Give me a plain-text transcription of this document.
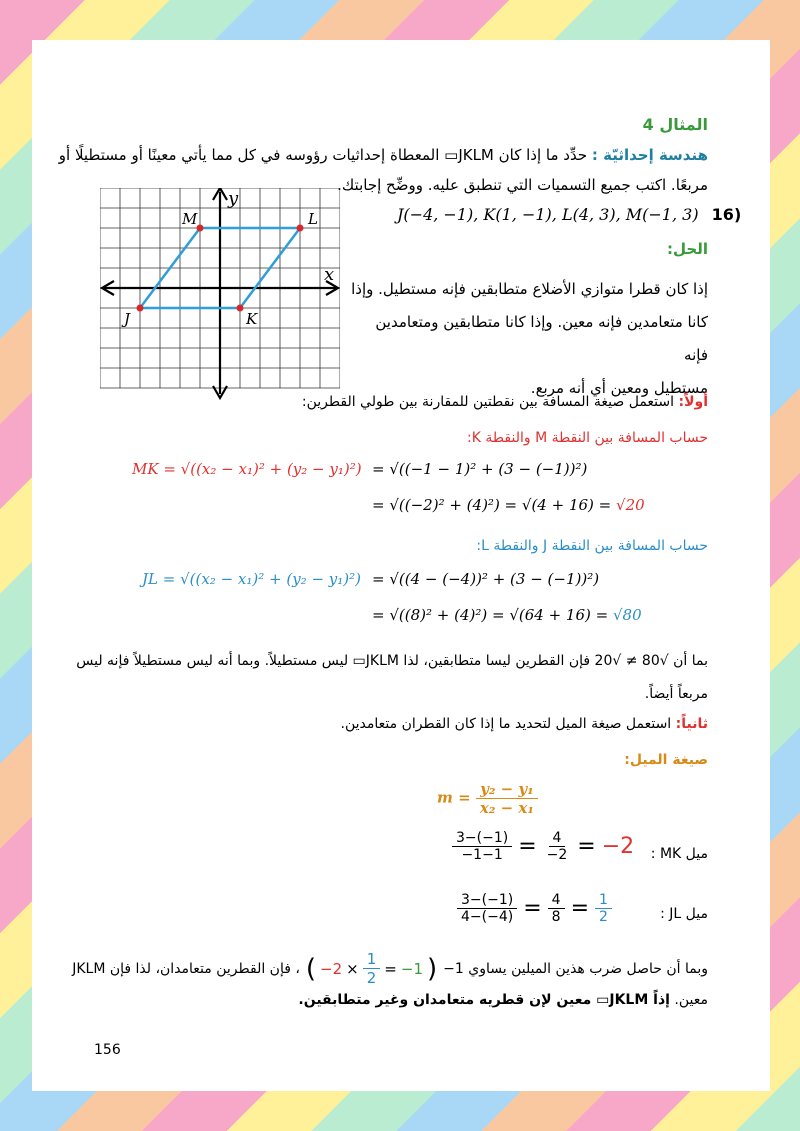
المثال 4
هندسة إحداثيّة : حدِّد ما إذا كان JKLM▭ المعطاة إحداثيات رؤوسه في كل مما يأتي معينًا أو مستطيلًا أو
مربعًا. اكتب جميع التسميات التي تنطبق عليه. ووضِّح إجابتك.
J(−4, −1), K(1, −1), L(4, 3), M(−1, 3) 16)
J	K
L
M
x
y
الحل:
إذا كان قطرا متوازي الأضلاع متطابقين فإنه مستطيل. وإذا
كانا متعامدين فإنه معين. وإذا كانا متطابقين ومتعامدين فإنه
مستطيل ومعين أي أنه مربع.
أولاً: استعمل صيغة المسافة بين نقطتين للمقارنة بين طولي القطرين:
حساب المسافة بين النقطة M والنقطة K:
MK = √((x₂ − x₁)² + (y₂ − y₁)²) = √((−1 − 1)² + (3 − (−1))²)
= √((−2)² + (4)²) = √(4 + 16) = √20
حساب المسافة بين النقطة J والنقطة L:
JL = √((x₂ − x₁)² + (y₂ − y₁)²) = √((4 − (−4))² + (3 − (−1))²)
= √((8)² + (4)²) = √(64 + 16) = √80
بما أن √80 ≠ √20 فإن القطرين ليسا متطابقين، لذا JKLM▭ ليس مستطيلاً. وبما أنه ليس مستطيلاً فإنه ليس
مربعاً أيضاً.
ثانياً: استعمل صيغة الميل لتحديد ما إذا كان القطران متعامدين.
صيغة الميل:
$m = \frac{\text{y₂ − y₁}}{\text{x₂ − x₁}}$
$\frac{3-(-1)}{-1-1} = \frac{4}{-2} = -2$ ميل MK :
$\frac{3-(-1)}{4-(-4)} = \frac{4}{8} = \frac{1}{2}$	ميل JL :
وبما أن حاصل ضرب هذين الميلين يساوي 1−
( $-2 \times \frac{1}{2} = -1$ )
، فإن القطرين متعامدان، لذا فإن JKLM
معين. إذاً JKLM▭ معين لإن قطريه متعامدان وغير متطابقين.
156
